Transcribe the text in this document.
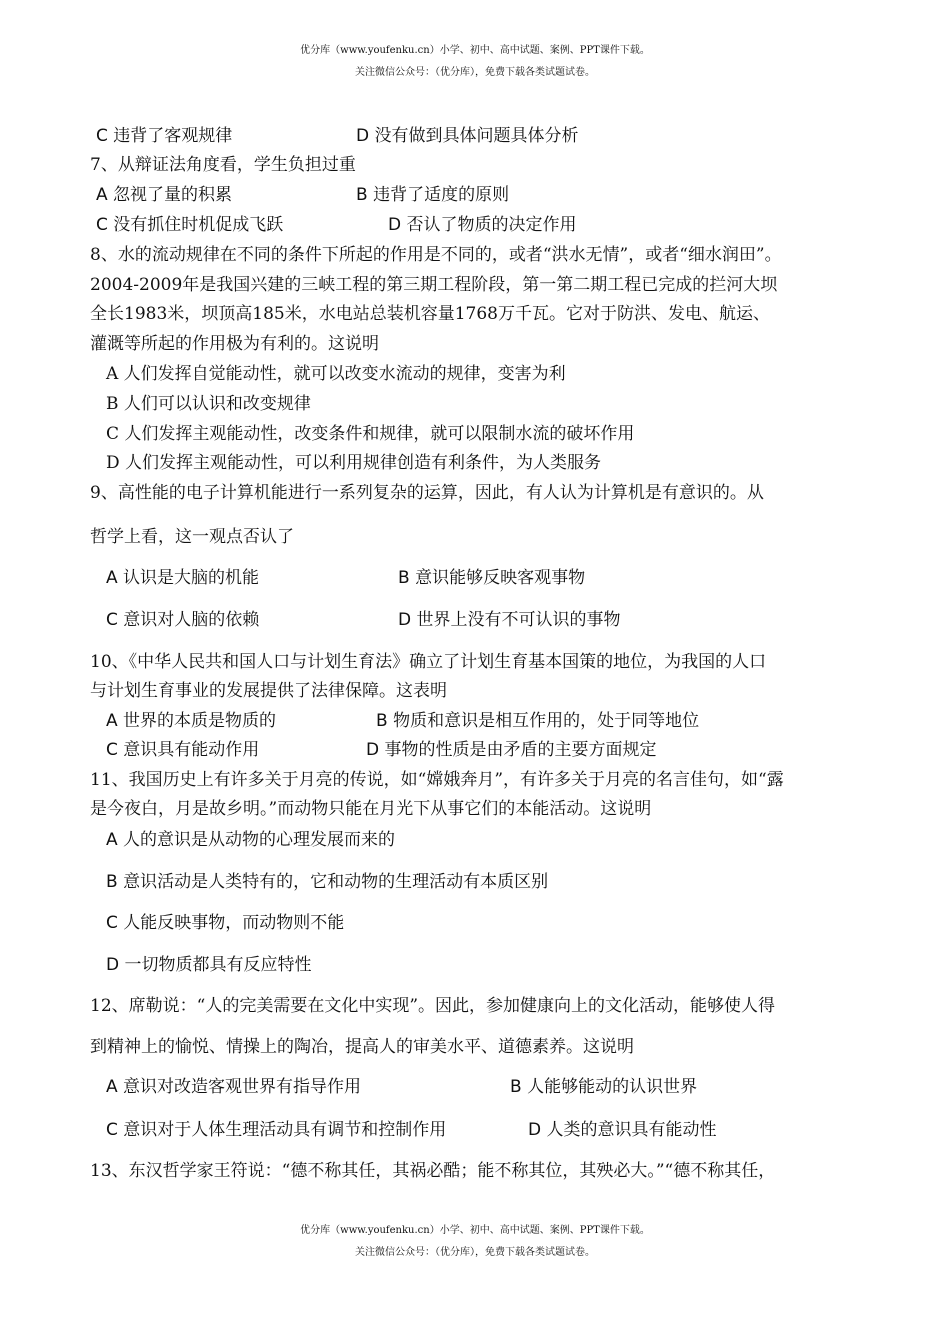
优分库（www.youfenku.cn）小学、初中、高中试题、案例、PPT课件下载。
关注微信公众号：（优分库），免费下载各类试题试卷。
C 违背了客观规律	D 没有做到具体问题具体分析
7、从辩证法角度看，学生负担过重
A 忽视了量的积累	B 违背了适度的原则
C 没有抓住时机促成飞跃	D 否认了物质的决定作用
8、水的流动规律在不同的条件下所起的作用是不同的，或者“洪水无情”，或者“细水润田”。
2004-2009年是我国兴建的三峡工程的第三期工程阶段，第一第二期工程已完成的拦河大坝
全长1983米，坝顶高185米，水电站总装机容量1768万千瓦。它对于防洪、发电、航运、
灌溉等所起的作用极为有利的。这说明
A 人们发挥自觉能动性，就可以改变水流动的规律，变害为利
B 人们可以认识和改变规律
C 人们发挥主观能动性，改变条件和规律，就可以限制水流的破坏作用
D 人们发挥主观能动性，可以利用规律创造有利条件，为人类服务
9、高性能的电子计算机能进行一系列复杂的运算，因此，有人认为计算机是有意识的。从
哲学上看，这一观点否认了
A 认识是大脑的机能	B 意识能够反映客观事物
C 意识对人脑的依赖	D 世界上没有不可认识的事物
10、《中华人民共和国人口与计划生育法》确立了计划生育基本国策的地位，为我国的人口
与计划生育事业的发展提供了法律保障。这表明
A 世界的本质是物质的	B 物质和意识是相互作用的，处于同等地位
C 意识具有能动作用	D 事物的性质是由矛盾的主要方面规定
11、我国历史上有许多关于月亮的传说，如“嫦娥奔月”，有许多关于月亮的名言佳句，如“露
是今夜白，月是故乡明。”而动物只能在月光下从事它们的本能活动。这说明
A 人的意识是从动物的心理发展而来的
B 意识活动是人类特有的，它和动物的生理活动有本质区别
C 人能反映事物，而动物则不能
D 一切物质都具有反应特性
12、席勒说：“人的完美需要在文化中实现”。因此，参加健康向上的文化活动，能够使人得
到精神上的愉悦、情操上的陶冶，提高人的审美水平、道德素养。这说明
A 意识对改造客观世界有指导作用	B 人能够能动的认识世界
C 意识对于人体生理活动具有调节和控制作用	D 人类的意识具有能动性
13、东汉哲学家王符说：“德不称其任，其祸必酷；能不称其位，其殃必大。”“德不称其任，
优分库（www.youfenku.cn）小学、初中、高中试题、案例、PPT课件下载。
关注微信公众号：（优分库），免费下载各类试题试卷。
